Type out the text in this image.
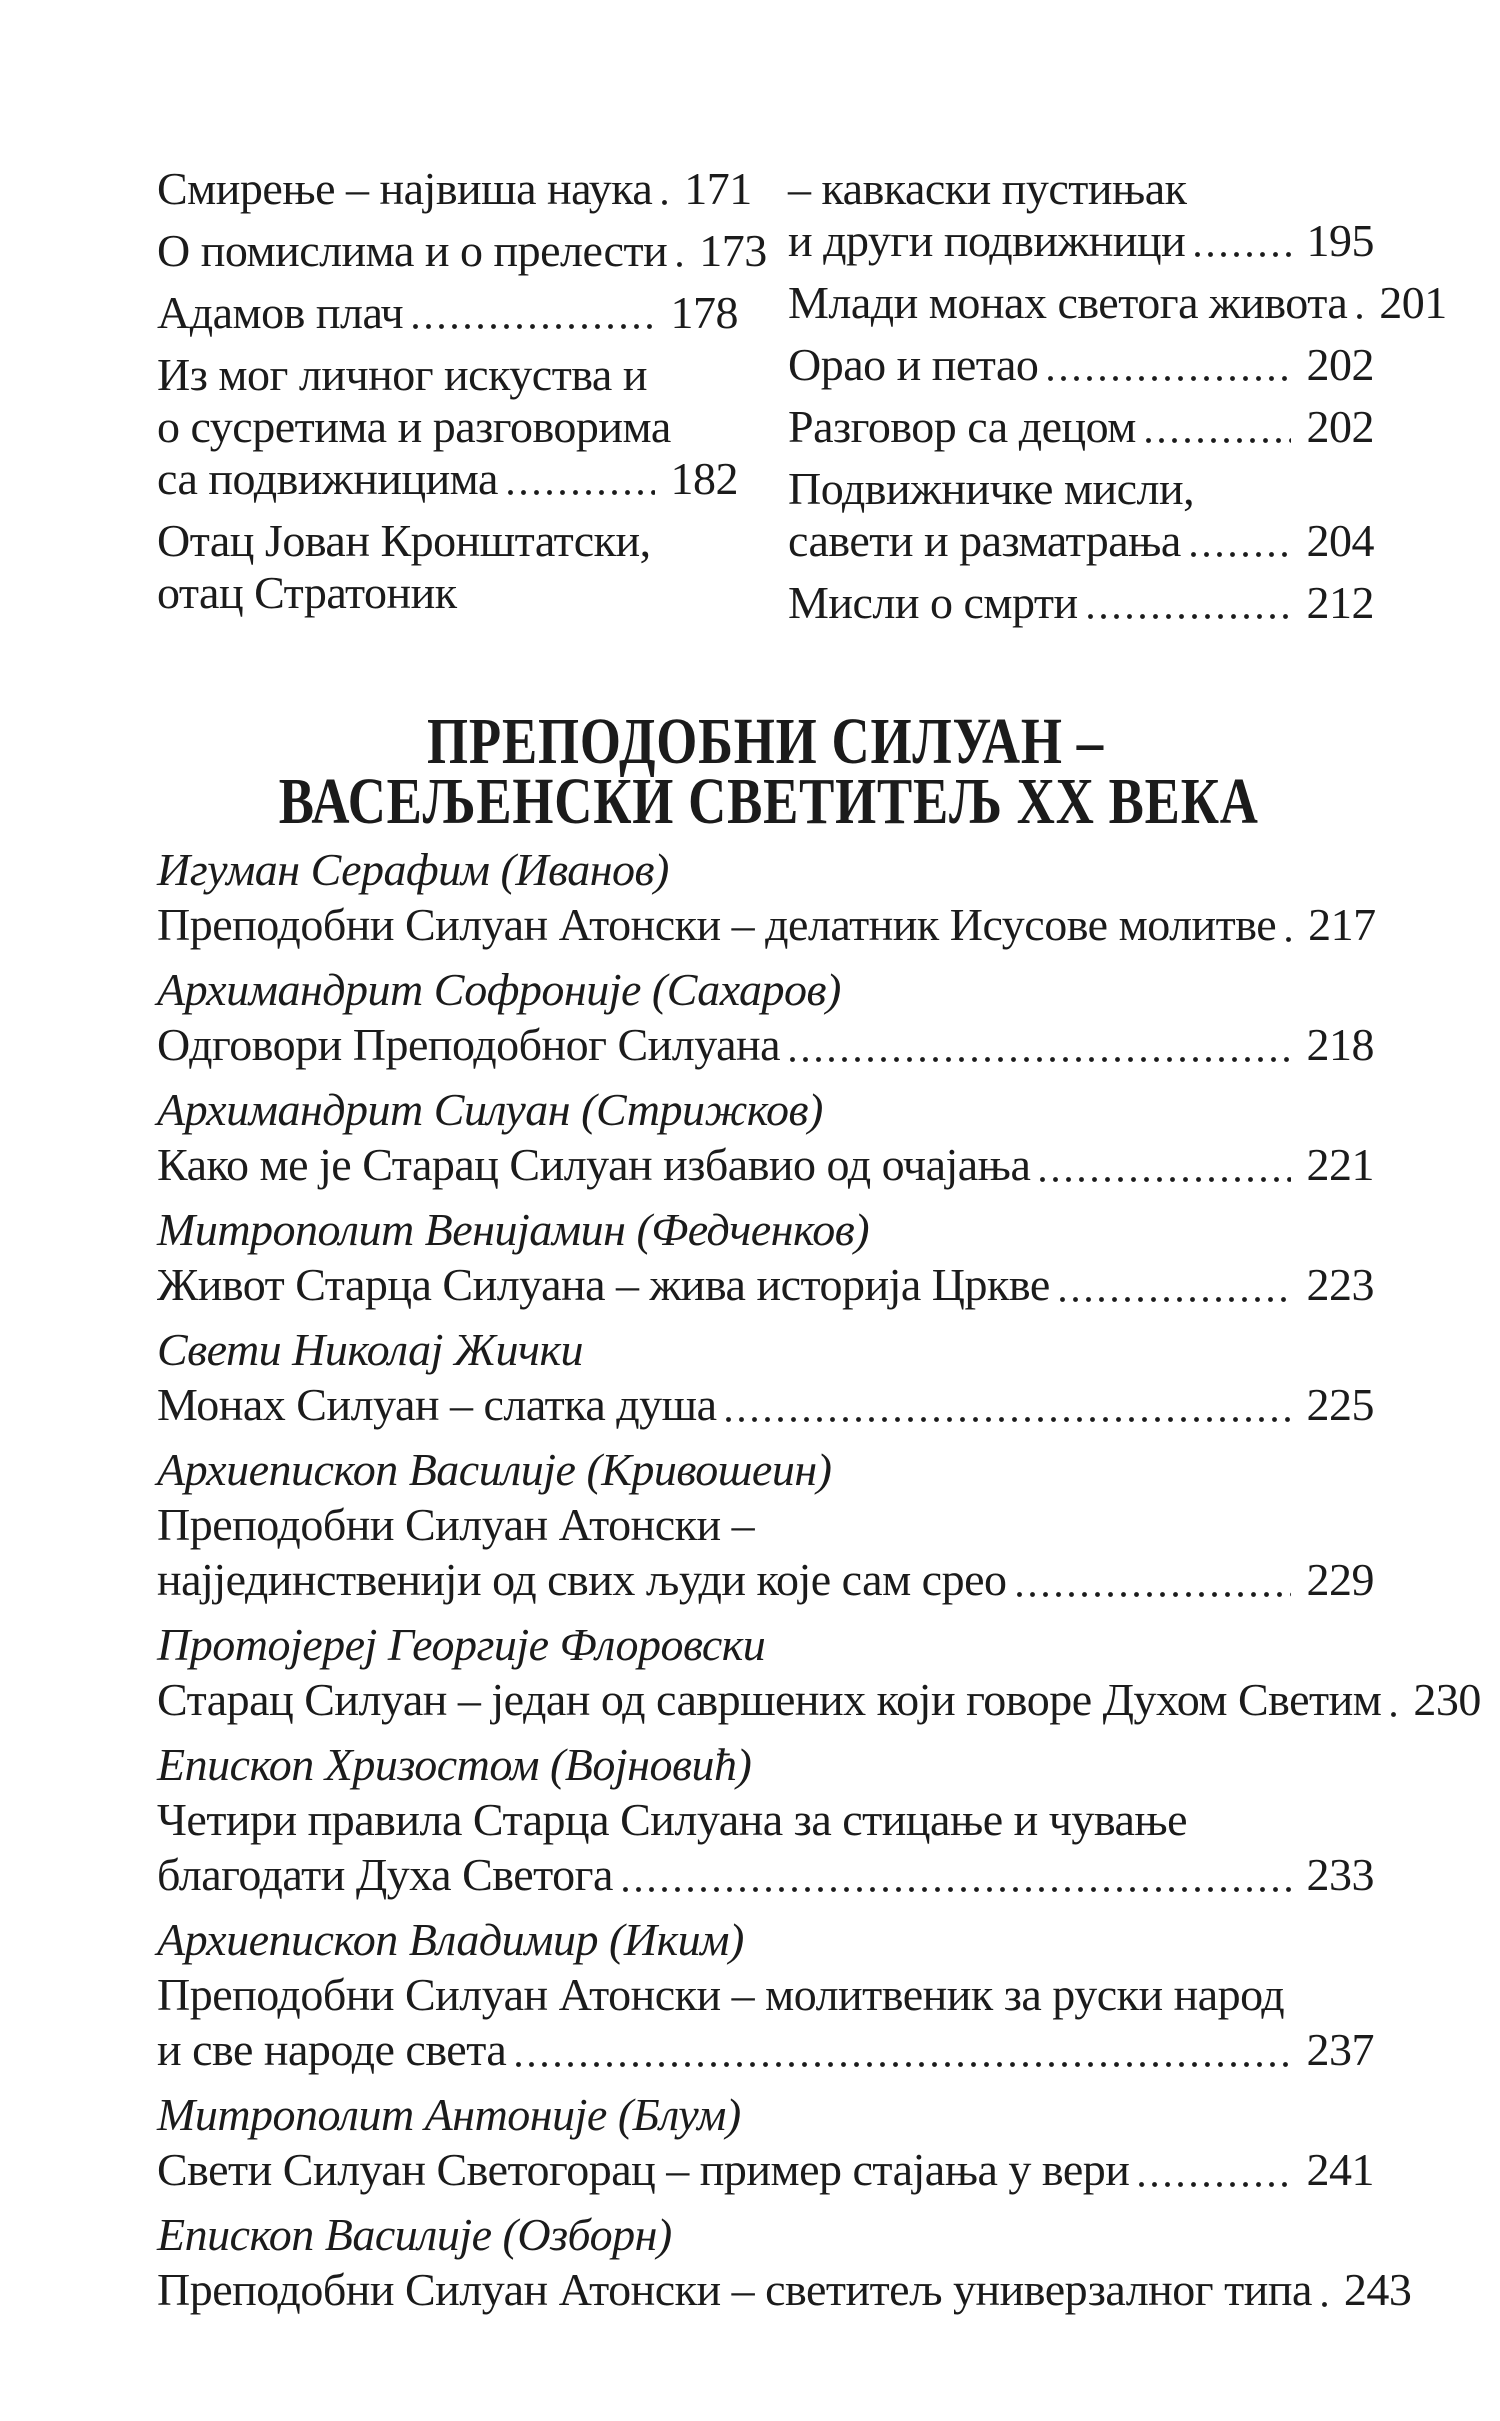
Смирење – највиша наука 171
О помислима и о прелести 173
Адамов плач	178
Из мог личног искуства и
о сусретима и разговорима
са подвижницима	182
Отац Јован Кронштатски,
отац Стратоник
– кавкаски пустињак
и други подвижници	195
Млади монах светога живота 201
Орао и петао	202
Разговор са децом	202
Подвижничке мисли,
савети и разматрања	204
Мисли о смрти	212
ПРЕПОДОБНИ СИЛУАН –
ВАСЕЉЕНСКИ СВЕТИТЕЉ XX ВЕКА
Игуман Серафим (Иванов)
Преподобни Силуан Атонски – делатник Исусове молитве 217
Архимандрит Софроније (Сахаров)
Одговори Преподобног Силуана	218
Архимандрит Силуан (Стрижков)
Како ме је Старац Силуан избавио од очајања	221
Митрополит Венијамин (Федченков)
Живот Старца Силуана – жива историја Цркве	223
Свети Николај Жички
Монах Силуан – слатка душа	225
Архиепископ Василије (Кривошеин)
Преподобни Силуан Атонски –
најјединственији од свих људи које сам срео	229
Протојереј Георгије Флоровски
Старац Силуан – један од савршених који говоре Духом Светим 230
Епископ Хризостом (Војновић)
Четири правила Старца Силуана за стицање и чување
благодати Духа Светога	233
Архиепископ Владимир (Иким)
Преподобни Силуан Атонски – молитвеник за руски народ
и све народе света	237
Митрополит Антоније (Блум)
Свети Силуан Светогорац – пример стајања у вери	241
Епископ Василије (Озборн)
Преподобни Силуан Атонски – светитељ универзалног типа 243
